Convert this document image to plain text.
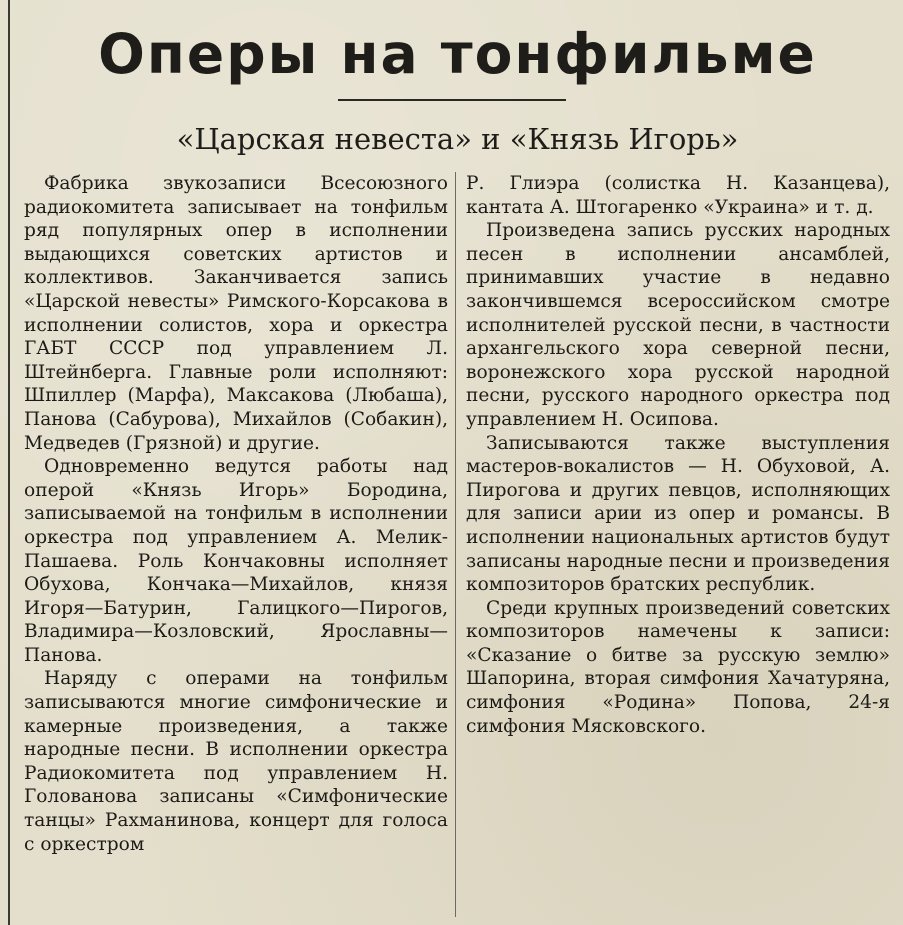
Оперы на тонфильме
«Царская невеста» и «Князь Игорь»

Фабрика звукозаписи Всесоюзного радиокомитета записывает на тонфильм ряд популярных опер в исполнении выдающихся советских артистов и коллективов. Заканчивается запись «Царской невесты» Римского-Корсакова в исполнении солистов, хора и оркестра ГАБТ СССР под управлением Л. Штейнберга. Главные роли исполняют: Шпиллер (Марфа), Максакова (Любаша), Панова (Сабурова), Михайлов (Собакин), Медведев (Грязной) и другие.

Одновременно ведутся работы над оперой «Князь Игорь» Бородина, записываемой на тонфильм в исполнении оркестра под управлением А. Мелик-Пашаева. Роль Кончаковны исполняет Обухова, Кончака—Михайлов, князя Игоря—Батурин, Галицкого—Пирогов, Владимира—Козловский, Ярославны—Панова.

Наряду с операми на тонфильм записываются многие симфонические и камерные произведения, а также народные песни. В исполнении оркестра Радиокомитета под управлением Н. Голованова записаны «Симфонические танцы» Рахманинова, концерт для голоса с оркестром

Р. Глиэра (солистка Н. Казанцева), кантата А. Штогаренко «Украина» и т. д.

Произведена запись русских народных песен в исполнении ансамблей, принимавших участие в недавно закончившемся всероссийском смотре исполнителей русской песни, в частности архангельского хора северной песни, воронежского хора русской народной песни, русского народного оркестра под управлением Н. Осипова.

Записываются также выступления мастеров-вокалистов — Н. Обуховой, А. Пирогова и других певцов, исполняющих для записи арии из опер и романсы. В исполнении национальных артистов будут записаны народные песни и произведения композиторов братских республик.

Среди крупных произведений советских композиторов намечены к записи: «Сказание о битве за русскую землю» Шапорина, вторая симфония Хачатуряна, симфония «Родина» Попова, 24-я симфония Мясковского.
